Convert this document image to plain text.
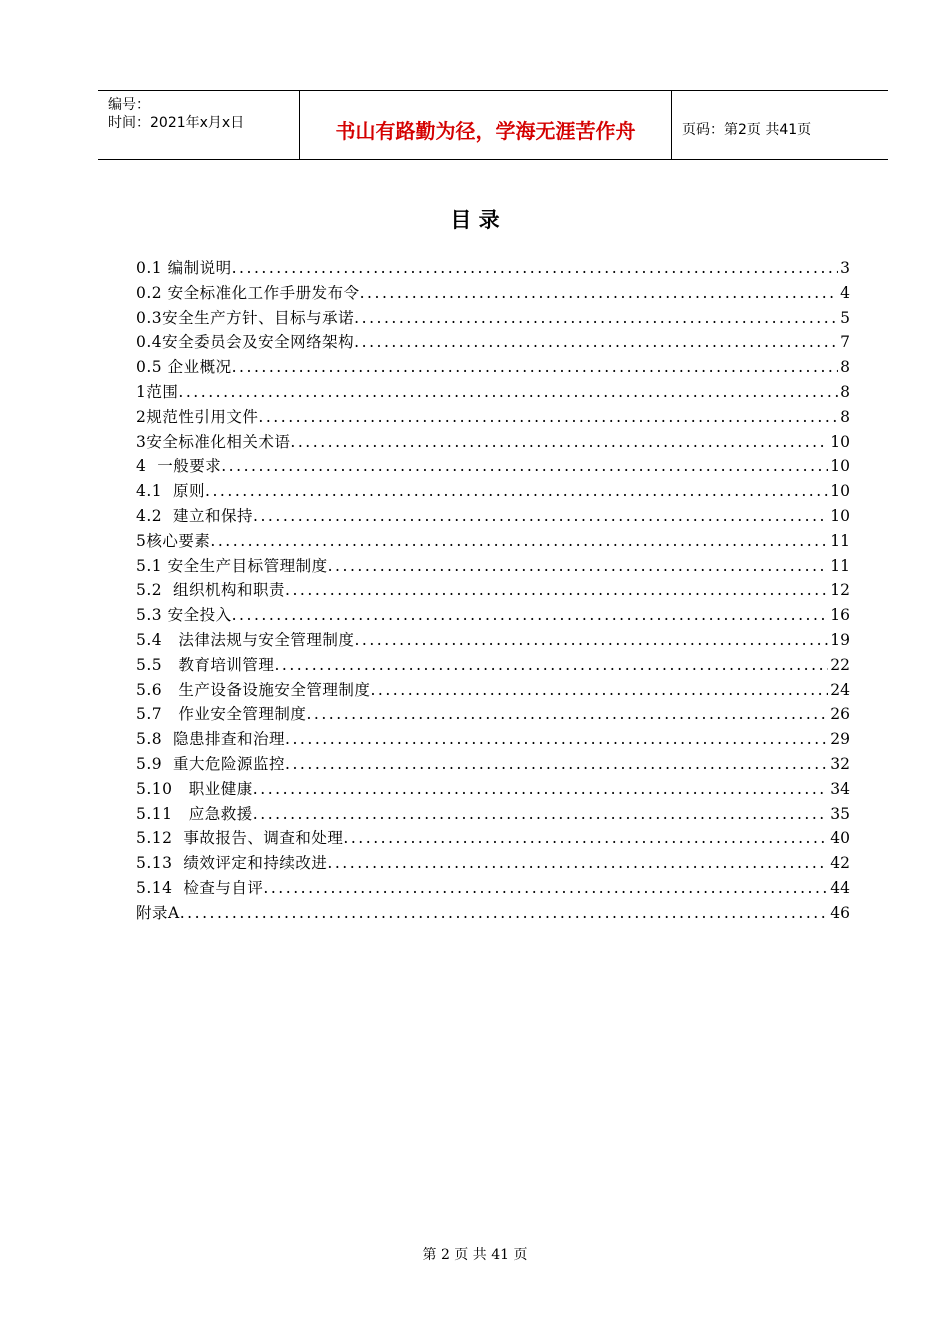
编号：
时间：2021年x月x日	书山有路勤为径，学海无涯苦作舟	页码：第2页 共41页
目 录
0.1 编制说明 . . .	3
0.2 安全标准化工作手册发布令 . . .	4
0.3安全生产方针、目标与承诺 . . .	5
0.4安全委员会及安全网络架构 . . .	7
0.5 企业概况 . . .	8
1范围 . . .	8
2规范性引用文件 . . .	8
3安全标准化相关术语 . . .	10
4  一般要求 . . .	10
4.1  原则 . . .	10
4.2  建立和保持 . . .	10
5核心要素 . . .	11
5.1 安全生产目标管理制度 . . .	11
5.2  组织机构和职责 . . .	12
5.3 安全投入 . . .	16
5.4   法律法规与安全管理制度 . . .	19
5.5   教育培训管理 . . .	22
5.6   生产设备设施安全管理制度 . . .	24
5.7   作业安全管理制度 . . .	26
5.8  隐患排查和治理 . . .	29
5.9  重大危险源监控 . . .	32
5.10   职业健康 . . .	34
5.11   应急救援 . . .	35
5.12  事故报告、调查和处理 . . .	40
5.13  绩效评定和持续改进 . . .	42
5.14  检查与自评 . . .	44
附录A . . .	46
第 2 页 共 41 页
